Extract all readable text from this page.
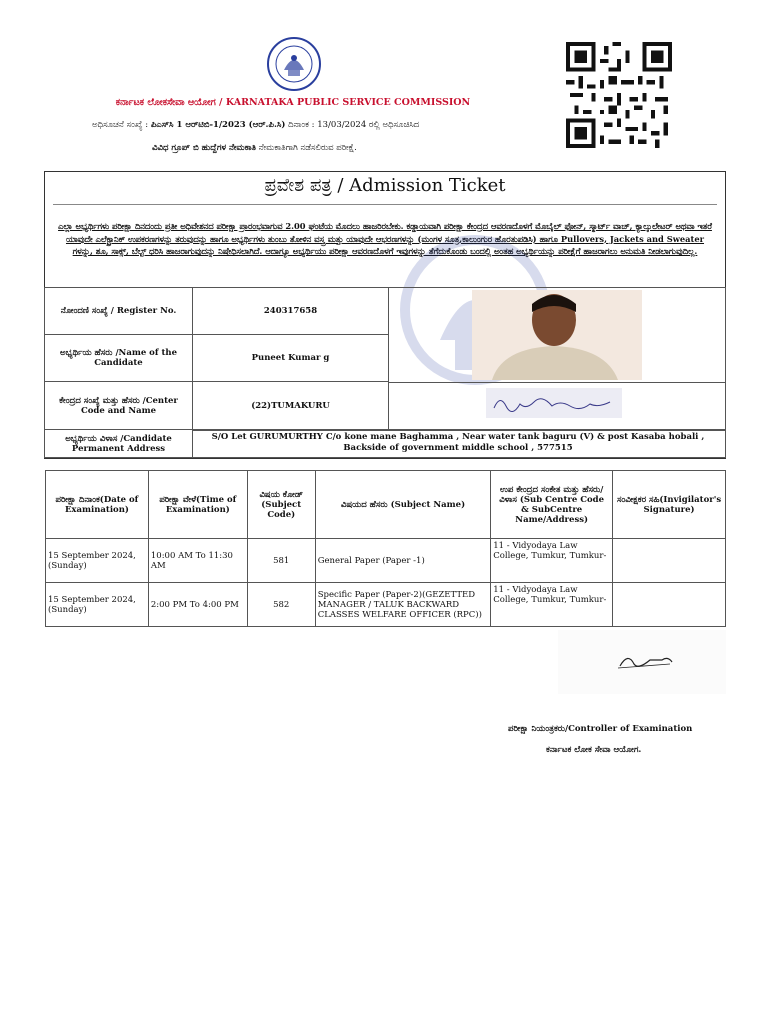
ಕರ್ನಾಟಕ ಲೋಕಸೇವಾ ಆಯೋಗ / KARNATAKA PUBLIC SERVICE COMMISSION
ಅಧಿಸೂಚನೆ ಸಂಖ್ಯೆ : ಪಿಎಸ್‌ಸಿ 1 ಆರ್‌ಟಿಬಿ-1/2023 (ಆರ್.ಪಿ.ಸಿ) ದಿನಾಂಕ : 13/03/2024 ರಲ್ಲಿ ಅಧಿಸೂಚಿಸಿದ
ವಿವಿಧ ಗ್ರೂಪ್ ಬಿ ಹುದ್ದೆಗಳ ನೇಮಕಾತಿ ನೇಮಕಾತಿಗಾಗಿ ನಡೆಸಲಿರುವ ಪರೀಕ್ಷೆ.
ಪ್ರವೇಶ ಪತ್ರ / Admission Ticket
ಎಲ್ಲಾ ಅಭ್ಯರ್ಥಿಗಳು ಪರೀಕ್ಷಾ ದಿನದಂದು ಪ್ರತೀ ಅಧಿವೇಶನದ ಪರೀಕ್ಷಾ ಪ್ರಾರಂಭವಾಗುವ 2.00 ಘಂಟೆಯ ಮೊದಲು ಹಾಜರಿರಬೇಕು. ಕಡ್ಡಾಯವಾಗಿ ಪರೀಕ್ಷಾ ಕೇಂದ್ರದ ಆವರಣದೊಳಗೆ ಮೊಬೈಲ್ ಫೋನ್, ಸ್ಮಾರ್ಟ್ ವಾಚ್, ಕ್ಯಾಲ್ಕುಲೇಟರ್ ಅಥವಾ ಇತರೆ ಯಾವುದೇ ಎಲೆಕ್ಟ್ರಾನಿಕ್ ಉಪಕರಣಗಳನ್ನು ತರುವುದನ್ನು ಹಾಗೂ ಅಭ್ಯರ್ಥಿಗಳು ತುಂಬು ತೋಳಿನ ವಸ್ತ್ರ ಮತ್ತು ಯಾವುದೇ ಆಭರಣಗಳನ್ನು (ಮಂಗಳ ಸೂತ್ರ,ಕಾಲುಂಗುರ ಹೊರತುಪಡಿಸಿ) ಹಾಗೂ Pullovers, Jackets and Sweater ಗಳನ್ನು, ಶೂ, ಸಾಕ್ಸ್, ಬೆಲ್ಟ್ ಧರಿಸಿ ಹಾಜರಾಗುವುದನ್ನು ನಿಷೇಧಿಸಲಾಗಿದೆ. ಆದಾಗ್ಯೂ ಅಭ್ಯರ್ಥಿಯು ಪರೀಕ್ಷಾ ಆವರಣದೊಳಗೆ ಇವುಗಳನ್ನು ತೆಗೆದುಕೊಂಡು ಬಂದಲ್ಲಿ ಅಂತಹ ಅಭ್ಯರ್ಥಿಯನ್ನು ಪರೀಕ್ಷೆಗೆ ಹಾಜರಾಗಲು ಅನುಮತಿ ನೀಡಲಾಗುವುದಿಲ್ಲ.
ನೋಂದಣಿ ಸಂಖ್ಯೆ / Register No.	240317658
ಅಭ್ಯರ್ಥಿಯ ಹೆಸರು /Name of the Candidate	Puneet Kumar g
ಕೇಂದ್ರದ ಸಂಖ್ಯೆ ಮತ್ತು ಹೆಸರು /Center Code and Name	(22)TUMAKURU
ಅಭ್ಯರ್ಥಿಯ ವಿಳಾಸ /Candidate Permanent Address	
S/O Let GURUMURTHY C/o kone mane Baghamma , Near water tank baguru (V) & post Kasaba hobali , Backside of government middle school , 577515
ಪರೀಕ್ಷಾ ದಿನಾಂಕ(Date of Examination)	ಪರೀಕ್ಷಾ ವೇಳೆ(Time of Examination)	ವಿಷಯ ಕೋಡ್ (Subject Code)	ವಿಷಯದ ಹೆಸರು (Subject Name)	ಉಪ ಕೇಂದ್ರದ ಸಂಕೇತ ಮತ್ತು ಹೆಸರು/ವಿಳಾಸ (Sub Centre Code & SubCentre Name/Address)	ಸಂವೀಕ್ಷಕರ ಸಹಿ(Invigilator's Signature)
15 September 2024, (Sunday)	10:00 AM To 11:30 AM	581	General Paper (Paper -1)	11 - Vidyodaya Law College, Tumkur, Tumkur-	
15 September 2024, (Sunday)	2:00 PM To 4:00 PM	582	Specific Paper (Paper-2)(GEZETTED MANAGER / TALUK BACKWARD CLASSES WELFARE OFFICER (RPC))	11 - Vidyodaya Law College, Tumkur, Tumkur-	
ಪರೀಕ್ಷಾ ನಿಯಂತ್ರಕರು/Controller of Examination
ಕರ್ನಾಟಕ ಲೋಕ ಸೇವಾ ಆಯೋಗ.
